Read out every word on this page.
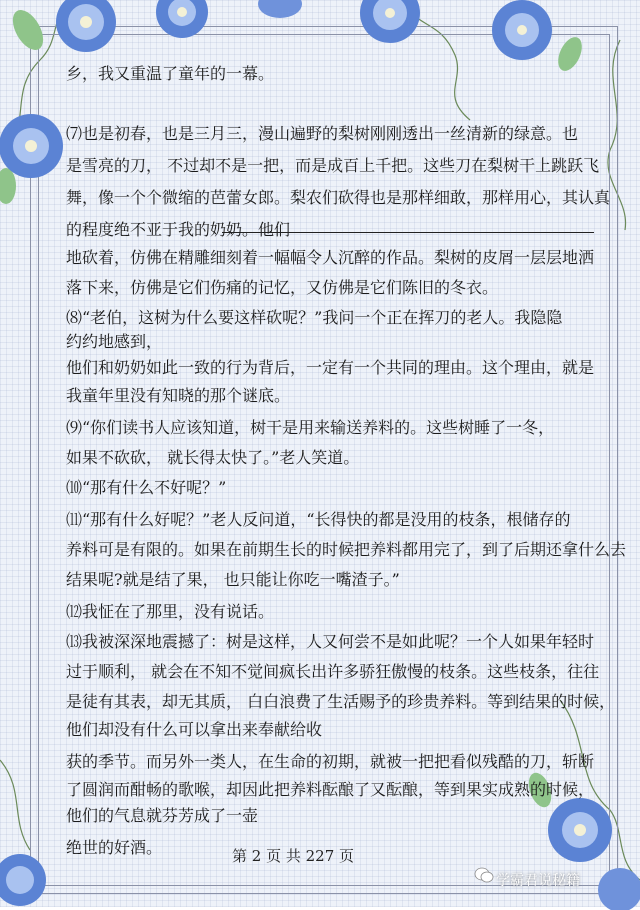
乡，我又重温了童年的一幕。
⑺也是初春，也是三月三，漫山遍野的梨树刚刚透出一丝清新的绿意。也
是雪亮的刀， 不过却不是一把，而是成百上千把。这些刀在梨树干上跳跃飞
舞，像一个个微缩的芭蕾女郎。梨农们砍得也是那样细敢，那样用心，其认真
的程度绝不亚于我的奶奶。他们
地砍着，仿佛在精雕细刻着一幅幅令人沉醉的作品。梨树的皮屑一层层地洒
落下来，仿佛是它们伤痛的记忆，又仿佛是它们陈旧的冬衣。
⑻“老伯，这树为什么要这样砍呢？”我问一个正在挥刀的老人。我隐隐
约约地感到，
他们和奶奶如此一致的行为背后，一定有一个共同的理由。这个理由，就是
我童年里没有知晓的那个谜底。
⑼“你们读书人应该知道，树干是用来输送养料的。这些树睡了一冬，
如果不砍砍， 就长得太快了。”老人笑道。
⑽“那有什么不好呢？”
⑾“那有什么好呢？”老人反问道，“长得快的都是没用的枝条，根储存的
养料可是有限的。如果在前期生长的时候把养料都用完了，到了后期还拿什么去
结果呢?就是结了果， 也只能让你吃一嘴渣子。”
⑿我怔在了那里，没有说话。
⒀我被深深地震撼了：树是这样，人又何尝不是如此呢？一个人如果年轻时
过于顺利， 就会在不知不觉间疯长出许多骄狂傲慢的枝条。这些枝条，往往
是徒有其表，却无其质， 白白浪费了生活赐予的珍贵养料。等到结果的时候，
他们却没有什么可以拿出来奉献给收
获的季节。而另外一类人，在生命的初期，就被一把把看似残酷的刀，斩断
了圆润而酣畅的歌喉，却因此把养料酝酿了又酝酿，等到果实成熟的时候，
他们的气息就芬芳成了一壶
绝世的好酒。	第 2 页 共 227 页
学霸君说秘籍
